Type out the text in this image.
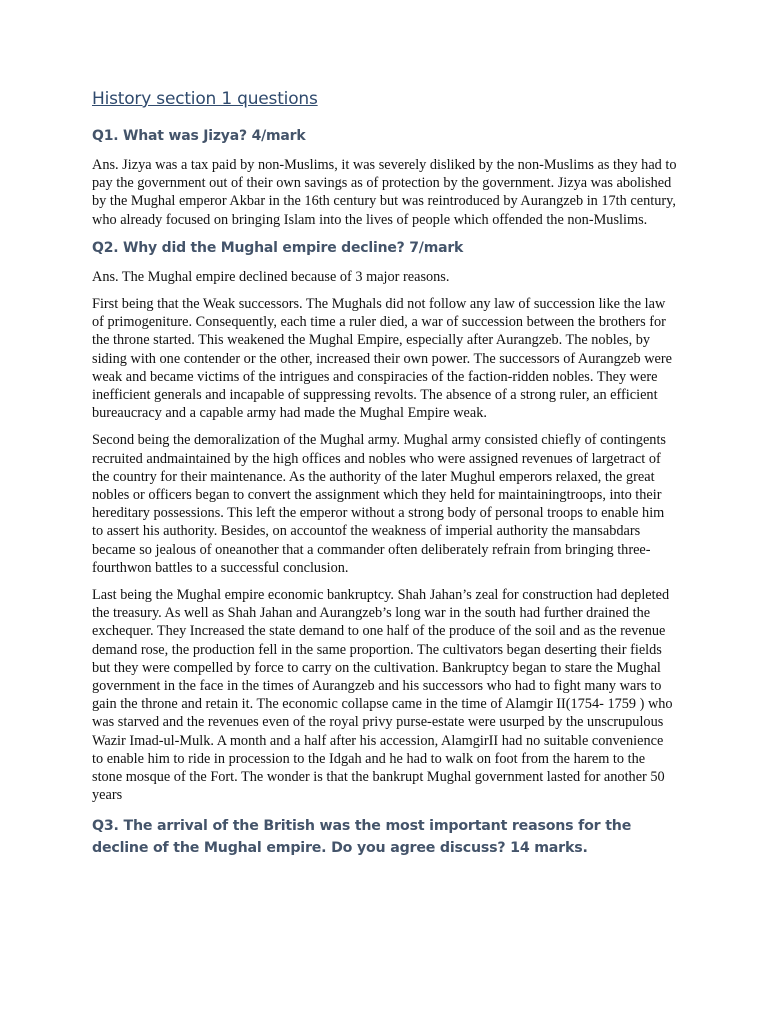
History section 1 questions
Q1. What was Jizya? 4/mark

Ans. Jizya was a tax paid by non-Muslims, it was severely disliked by the non-Muslims as they had to pay the government out of their own savings as of protection by the government. Jizya was abolished by the Mughal emperor Akbar in the 16th century but was reintroduced by Aurangzeb in 17th century, who already focused on bringing Islam into the lives of people which offended the non-Muslims.

Q2. Why did the Mughal empire decline? 7/mark

Ans. The Mughal empire declined because of 3 major reasons.

First being that the Weak successors. The Mughals did not follow any law of succession like the law of primogeniture. Consequently, each time a ruler died, a war of succession between the brothers for the throne started. This weakened the Mughal Empire, especially after Aurangzeb. The nobles, by siding with one contender or the other, increased their own power. The successors of Aurangzeb were weak and became victims of the intrigues and conspiracies of the faction-ridden nobles. They were inefficient generals and incapable of suppressing revolts. The absence of a strong ruler, an efficient bureaucracy and a capable army had made the Mughal Empire weak.

Second being the demoralization of the Mughal army. Mughal army consisted chiefly of contingents recruited andmaintained by the high offices and nobles who were assigned revenues of largetract of the country for their maintenance. As the authority of the later Mughul emperors relaxed, the great nobles or officers began to convert the assignment which they held for maintainingtroops, into their hereditary possessions. This left the emperor without a strong body of personal troops to enable him to assert his authority. Besides, on accountof the weakness of imperial authority the mansabdars became so jealous of oneanother that a commander often deliberately refrain from bringing three-fourthwon battles to a successful conclusion.

Last being the Mughal empire economic bankruptcy. Shah Jahan’s zeal for construction had depleted the treasury. As well as Shah Jahan and Aurangzeb’s long war in the south had further drained the exchequer. They Increased the state demand to one half of the produce of the soil and as the revenue demand rose, the production fell in the same proportion. The cultivators began deserting their fields but they were compelled by force to carry on the cultivation. Bankruptcy began to stare the Mughal government in the face in the times of Aurangzeb and his successors who had to fight many wars to gain the throne and retain it. The economic collapse came in the time of Alamgir II(1754- 1759 ) who was starved and the revenues even of the royal privy purse-estate were usurped by the unscrupulous Wazir Imad-ul-Mulk. A month and a half after his accession, AlamgirII had no suitable convenience to enable him to ride in procession to the Idgah and he had to walk on foot from the harem to the stone mosque of the Fort. The wonder is that the bankrupt Mughal government lasted for another 50 years

Q3. The arrival of the British was the most important reasons for the decline of the Mughal empire. Do you agree discuss? 14 marks.
